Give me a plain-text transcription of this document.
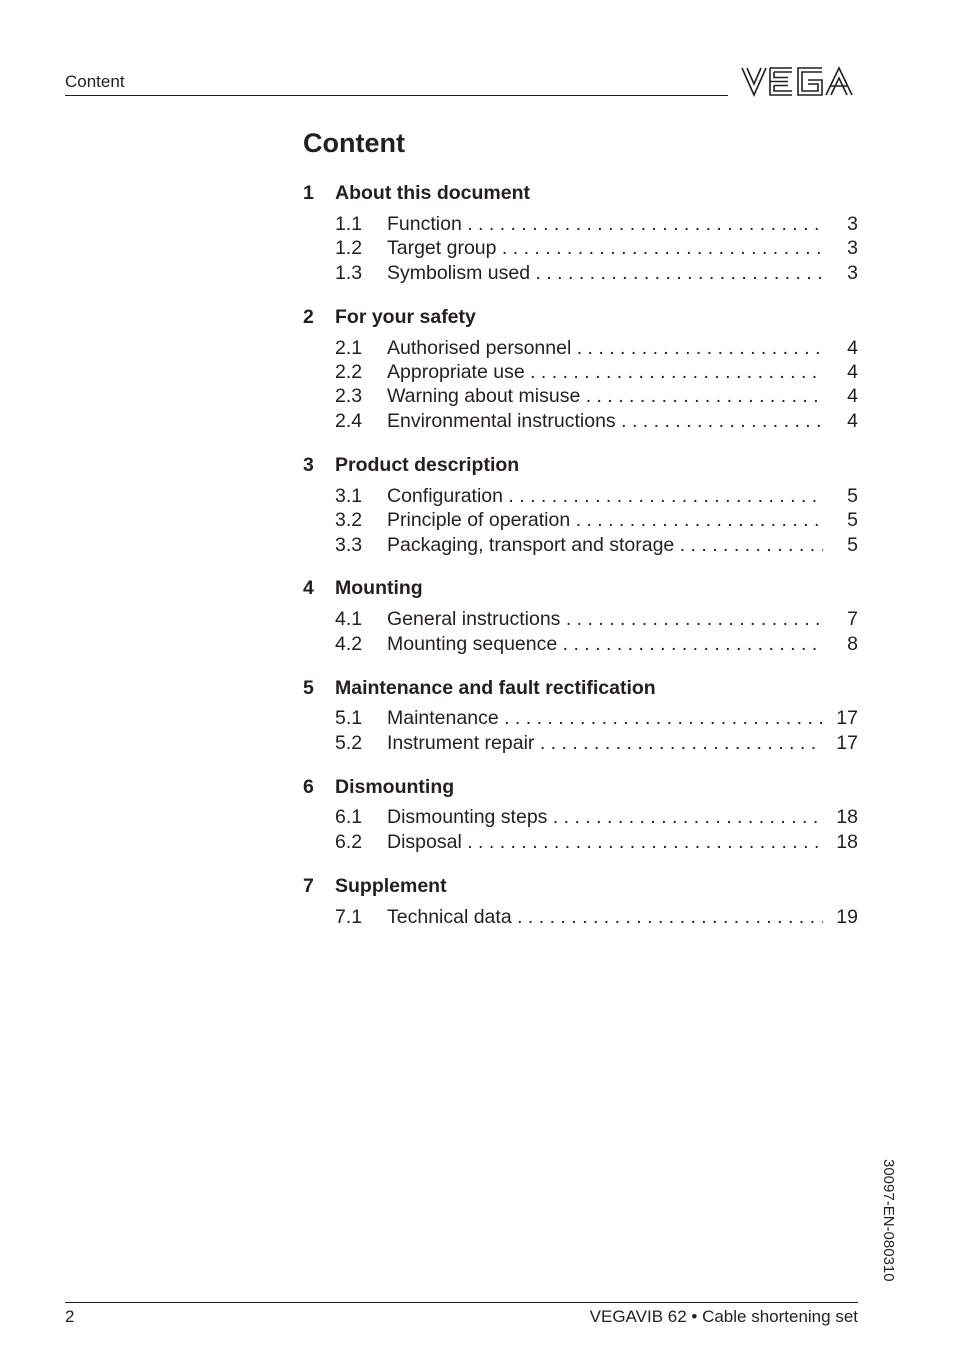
Content
Content
1 About this document
1.1 Function . . .	3
1.2 Target group . . .	3
1.3 Symbolism used . . .	3
2 For your safety
2.1 Authorised personnel . . .	4
2.2 Appropriate use . . .	4
2.3 Warning about misuse . . .	4
2.4 Environmental instructions . . .	4
3 Product description
3.1 Configuration . . .	5
3.2 Principle of operation . . .	5
3.3 Packaging, transport and storage . . .	5
4 Mounting
4.1 General instructions . . .	7
4.2 Mounting sequence . . .	8
5 Maintenance and fault rectification
5.1 Maintenance . . .	17
5.2 Instrument repair . . .	17
6 Dismounting
6.1 Dismounting steps . . .	18
6.2 Disposal . . .	18
7 Supplement
7.1 Technical data . . .	19
30097-EN-080310
2	VEGAVIB 62 • Cable shortening set
